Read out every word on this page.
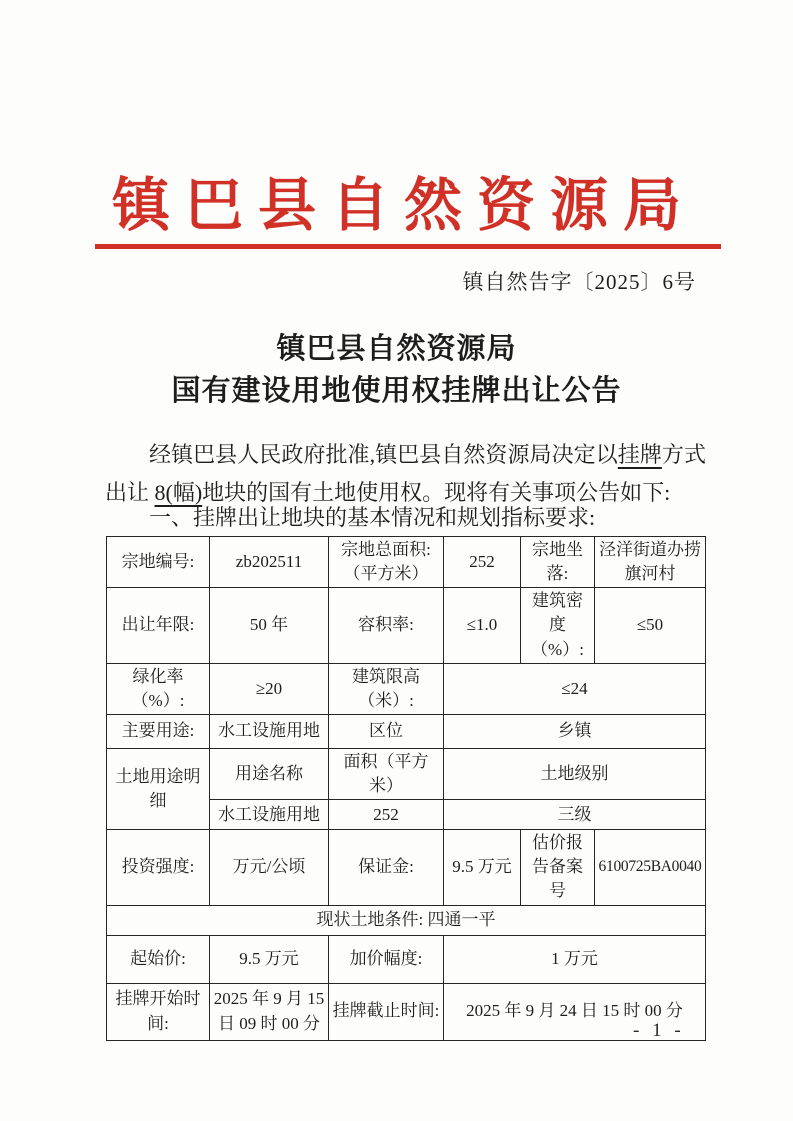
镇巴县自然资源局
镇自然告字〔2025〕6号
镇巴县自然资源局
国有建设用地使用权挂牌出让公告

经镇巴县人民政府批准,镇巴县自然资源局决定以挂牌方式出让 8(幅)地块的国有土地使用权。现将有关事项公告如下:

一、挂牌出让地块的基本情况和规划指标要求:

宗地编号:	zb202511	宗地总面积:（平方米）	252	宗地坐落:	泾洋街道办捞旗河村
出让年限:	50 年	容积率:	≤1.0	建筑密度（%）:	≤50
绿化率（%）:	≥20	建筑限高（米）:	≤24		
主要用途:	水工设施用地	区位	乡镇		
土地用途明细	用途名称	面积（平方米）	土地级别		
	水工设施用地	252	三级		
投资强度:	万元/公顷	保证金:	9.5 万元	估价报告备案号	6100725BA0040
现状土地条件: 四通一平					
起始价:	9.5 万元	加价幅度:	1 万元		
挂牌开始时间:	2025 年 9 月 15 日 09 时 00 分	挂牌截止时间:	2025 年 9 月 24 日 15 时 00 分		
- 1 -
